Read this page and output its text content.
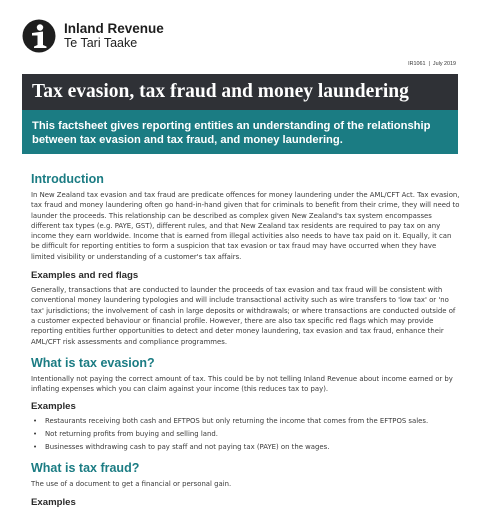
Inland Revenue
Te Tari Taake
IR1061 | July 2019
Tax evasion, tax fraud and money laundering

This factsheet gives reporting entities an understanding of the relationship between tax evasion and tax fraud, and money laundering.

Introduction

In New Zealand tax evasion and tax fraud are predicate offences for money laundering under the AML/CFT Act. Tax evasion, tax fraud and money laundering often go hand-in-hand given that for criminals to benefit from their crime, they will need to launder the proceeds. This relationship can be described as complex given New Zealand's tax system encompasses different tax types (e.g. PAYE, GST), different rules, and that New Zealand tax residents are required to pay tax on any income they earn worldwide. Income that is earned from illegal activities also needs to have tax paid on it. Equally, it can be difficult for reporting entities to form a suspicion that tax evasion or tax fraud may have occurred when they have limited visibility or understanding of a customer's tax affairs.

Examples and red flags

Generally, transactions that are conducted to launder the proceeds of tax evasion and tax fraud will be consistent with conventional money laundering typologies and will include transactional activity such as wire transfers to 'low tax' or 'no tax' jurisdictions; the involvement of cash in large deposits or withdrawals; or where transactions are conducted outside of a customer expected behaviour or financial profile. However, there are also tax specific red flags which may provide reporting entities further opportunities to detect and deter money laundering, tax evasion and tax fraud, enhance their AML/CFT risk assessments and compliance programmes.

What is tax evasion?

Intentionally not paying the correct amount of tax. This could be by not telling Inland Revenue about income earned or by inflating expenses which you can claim against your income (this reduces tax to pay).

Examples
• Restaurants receiving both cash and EFTPOS but only returning the income that comes from the EFTPOS sales.
• Not returning profits from buying and selling land.
• Businesses withdrawing cash to pay staff and not paying tax (PAYE) on the wages.
What is tax fraud?

The use of a document to get a financial or personal gain.

Examples
